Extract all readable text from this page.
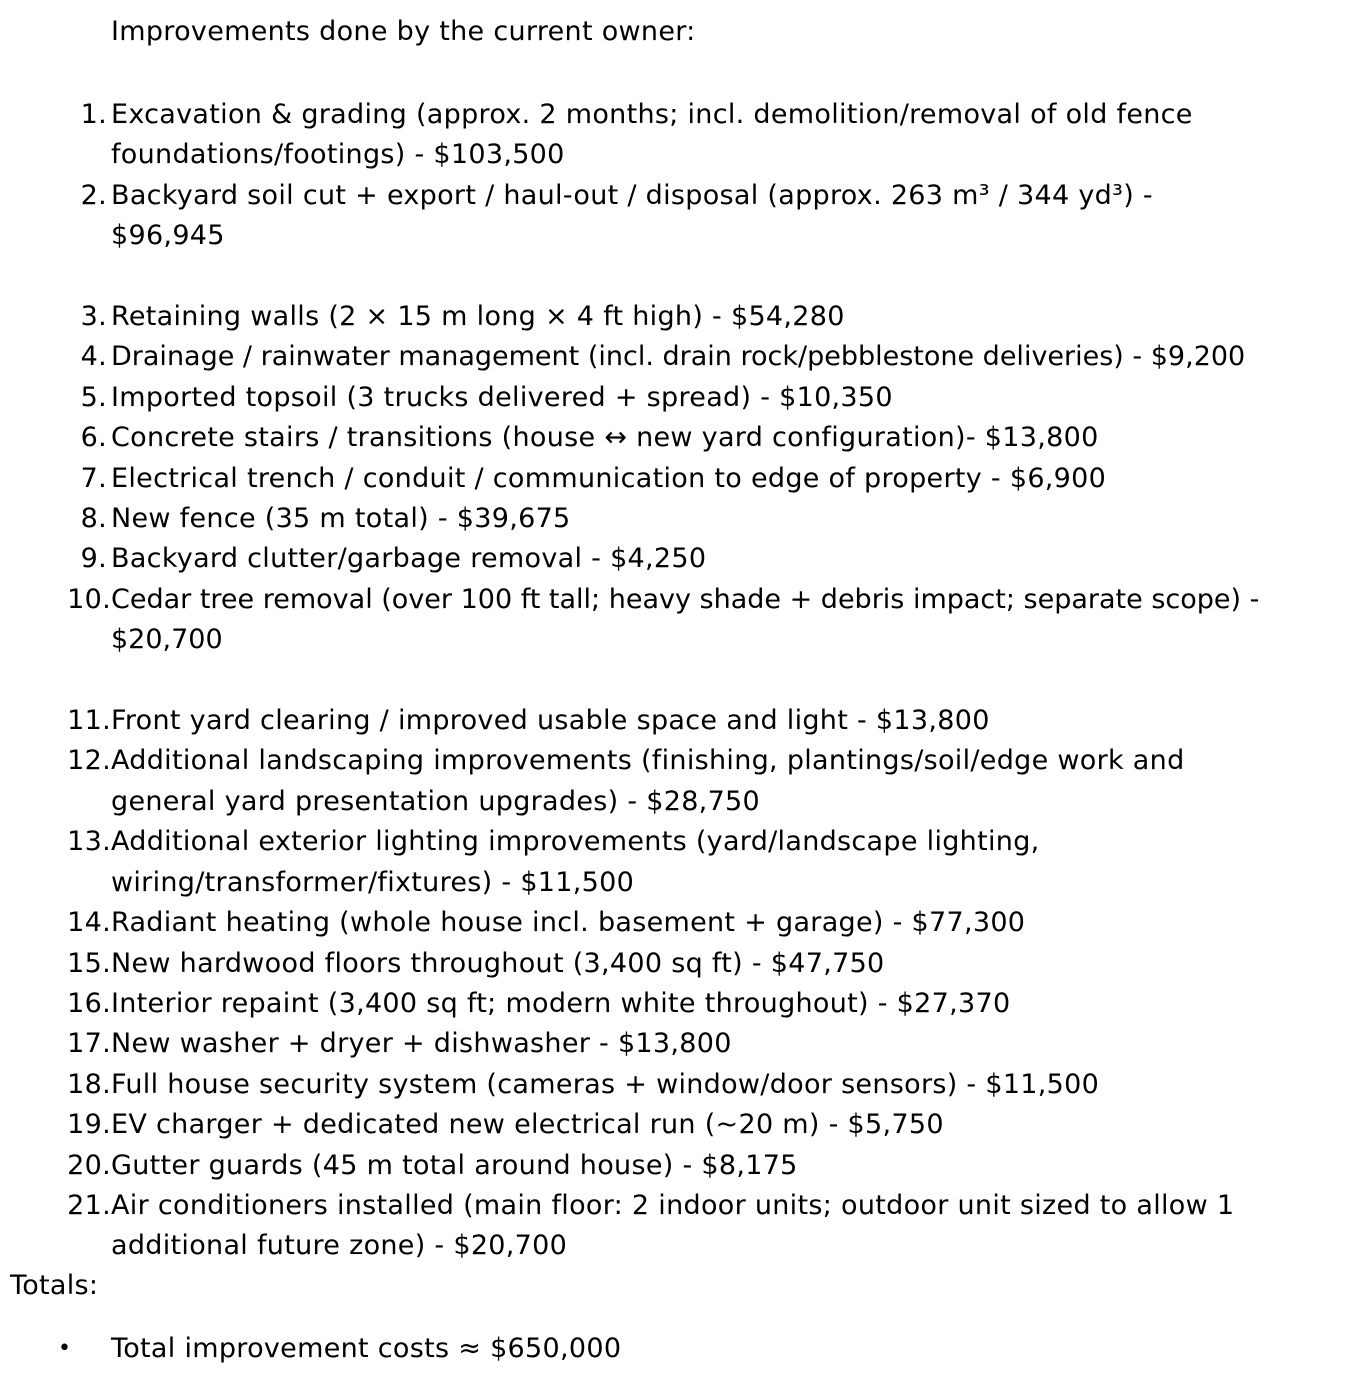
Improvements done by the current owner:
1. Excavation & grading (approx. 2 months; incl. demolition/removal of old fence foundations/footings) - $103,500
2. Backyard soil cut + export / haul-out / disposal (approx. 263 m³ / 344 yd³) - $96,945
3. Retaining walls (2 × 15 m long × 4 ft high) - $54,280
4. Drainage / rainwater management (incl. drain rock/pebblestone deliveries) - $9,200
5. Imported topsoil (3 trucks delivered + spread) - $10,350
6. Concrete stairs / transitions (house ↔ new yard configuration)- $13,800
7. Electrical trench / conduit / communication to edge of property - $6,900
8. New fence (35 m total) - $39,675
9. Backyard clutter/garbage removal - $4,250
10. Cedar tree removal (over 100 ft tall; heavy shade + debris impact; separate scope) - $20,700
11. Front yard clearing / improved usable space and light - $13,800
12. Additional landscaping improvements (finishing, plantings/soil/edge work and general yard presentation upgrades) - $28,750
13. Additional exterior lighting improvements (yard/landscape lighting, wiring/transformer/fixtures) - $11,500
14. Radiant heating (whole house incl. basement + garage) - $77,300
15. New hardwood floors throughout (3,400 sq ft) - $47,750
16. Interior repaint (3,400 sq ft; modern white throughout) - $27,370
17. New washer + dryer + dishwasher - $13,800
18. Full house security system (cameras + window/door sensors) - $11,500
19. EV charger + dedicated new electrical run (~20 m) - $5,750
20. Gutter guards (45 m total around house) - $8,175
21. Air conditioners installed (main floor: 2 indoor units; outdoor unit sized to allow 1 additional future zone) - $20,700
Totals:
• Total improvement costs ≈ $650,000
